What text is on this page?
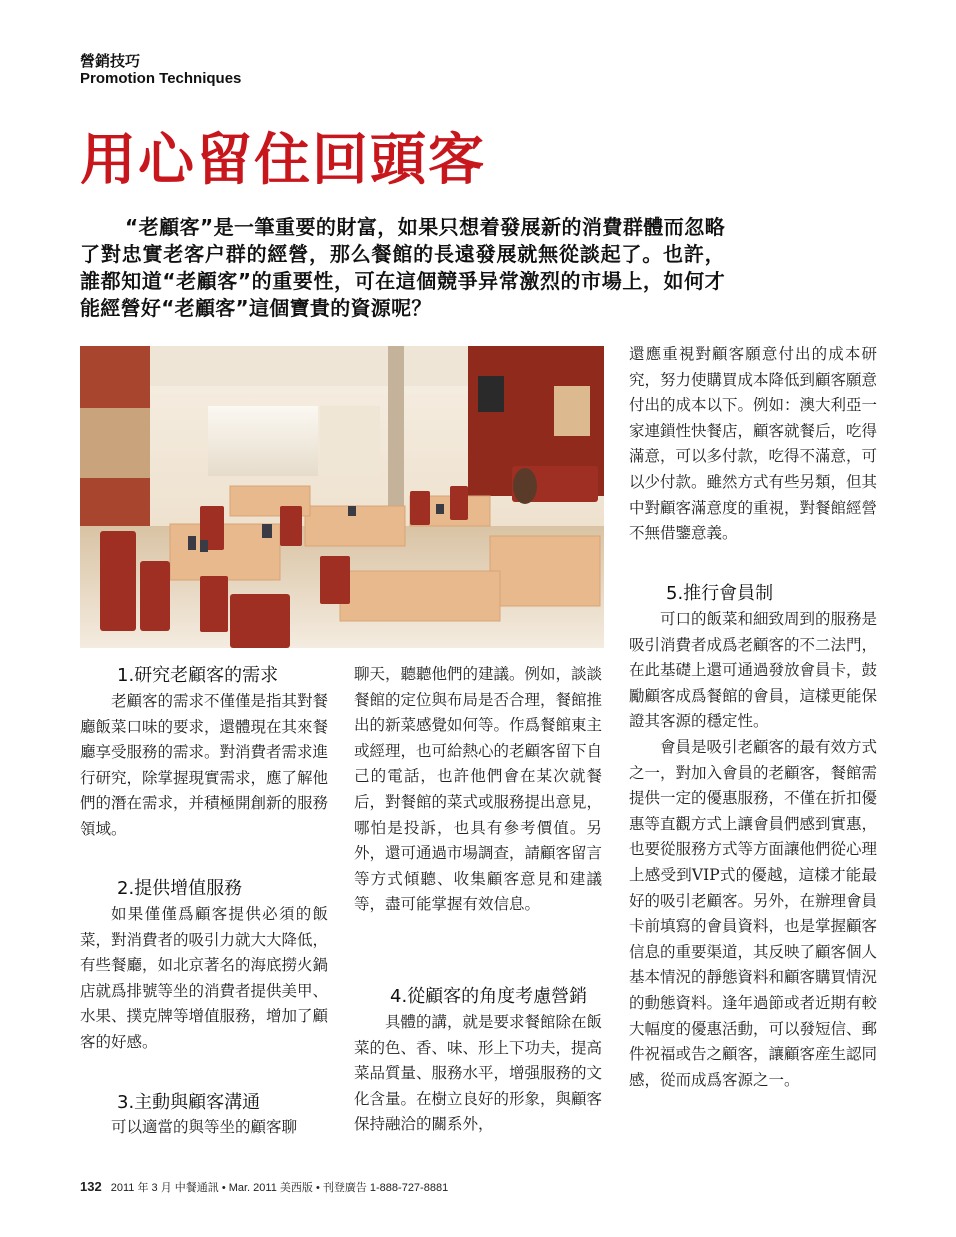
營銷技巧
Promotion Techniques
用心留住回頭客
“老顧客”是一筆重要的財富，如果只想着發展新的消費群體而忽略了對忠實老客户群的經營，那么餐館的長遠發展就無從談起了。也許，誰都知道“老顧客”的重要性，可在這個競爭异常激烈的市場上，如何才能經營好“老顧客”這個寶貴的資源呢？
1.研究老顧客的需求

老顧客的需求不僅僅是指其對餐廳飯菜口味的要求，還體現在其來餐廳享受服務的需求。對消費者需求進行研究，除掌握現實需求，應了解他們的潛在需求，并積極開創新的服務領域。

2.提供增值服務

如果僅僅爲顧客提供必須的飯菜，對消費者的吸引力就大大降低，有些餐廳，如北京著名的海底撈火鍋店就爲排號等坐的消費者提供美甲、水果、撲克牌等增值服務，增加了顧客的好感。

3.主動與顧客溝通

可以適當的與等坐的顧客聊

聊天，聽聽他們的建議。例如，談談餐館的定位與布局是否合理，餐館推出的新菜感覺如何等。作爲餐館東主或經理，也可給熱心的老顧客留下自己的電話，也許他們會在某次就餐后，對餐館的菜式或服務提出意見，哪怕是投訴，也具有參考價值。另外，還可通過市場調查，請顧客留言等方式傾聽、收集顧客意見和建議等，盡可能掌握有效信息。

4.從顧客的角度考慮營銷

具體的講，就是要求餐館除在飯菜的色、香、味、形上下功夫，提高菜品質量、服務水平，增强服務的文化含量。在樹立良好的形象，與顧客保持融洽的關系外，

還應重視對顧客願意付出的成本研究，努力使購買成本降低到顧客願意付出的成本以下。例如：澳大利亞一家連鎖性快餐店，顧客就餐后，吃得滿意，可以多付款，吃得不滿意，可以少付款。雖然方式有些另類，但其中對顧客滿意度的重視，對餐館經營不無借鑒意義。

5.推行會員制

可口的飯菜和細致周到的服務是吸引消費者成爲老顧客的不二法門，在此基礎上還可通過發放會員卡，鼓勵顧客成爲餐館的會員，這樣更能保證其客源的穩定性。

會員是吸引老顧客的最有效方式之一，對加入會員的老顧客，餐館需提供一定的優惠服務，不僅在折扣優惠等直觀方式上讓會員們感到實惠，也要從服務方式等方面讓他們從心理上感受到VIP式的優越，這樣才能最好的吸引老顧客。另外，在辦理會員卡前填寫的會員資料，也是掌握顧客信息的重要渠道，其反映了顧客個人基本情況的靜態資料和顧客購買情況的動態資料。逢年過節或者近期有較大幅度的優惠活動，可以發短信、郵件祝福或告之顧客，讓顧客産生認同感，從而成爲客源之一。

132 2011 年 3 月 中餐通訊 • Mar. 2011 美西版 • 刊登廣告 1-888-727-8881
